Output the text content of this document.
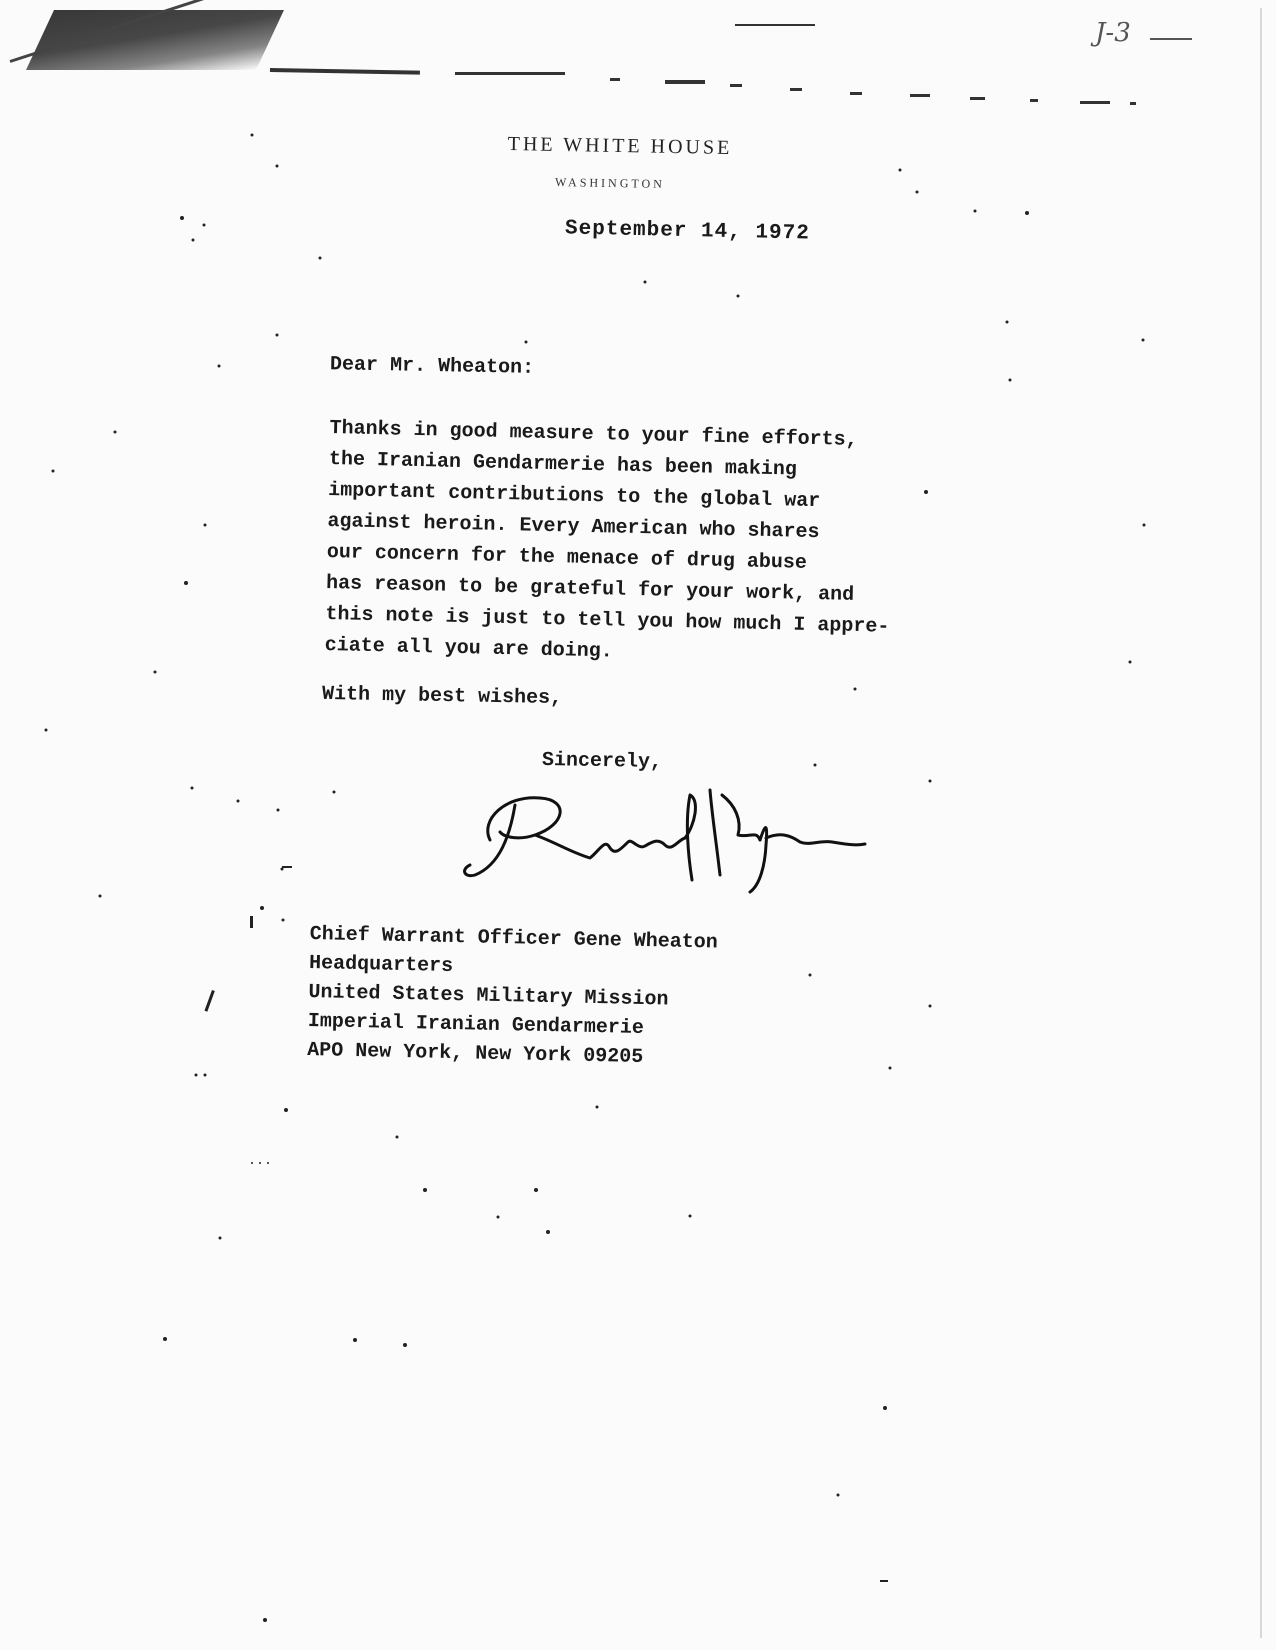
J-3
THE WHITE HOUSE
WASHINGTON
September 14, 1972
Dear Mr. Wheaton:
Thanks in good measure to your fine efforts,
the Iranian Gendarmerie has been making
important contributions to the global war
against heroin. Every American who shares
our concern for the menace of drug abuse
has reason to be grateful for your work, and
this note is just to tell you how much I appre-
ciate all you are doing.
With my best wishes,
Sincerely,
Chief Warrant Officer Gene Wheaton
Headquarters
United States Military Mission
Imperial Iranian Gendarmerie
APO New York, New York 09205
